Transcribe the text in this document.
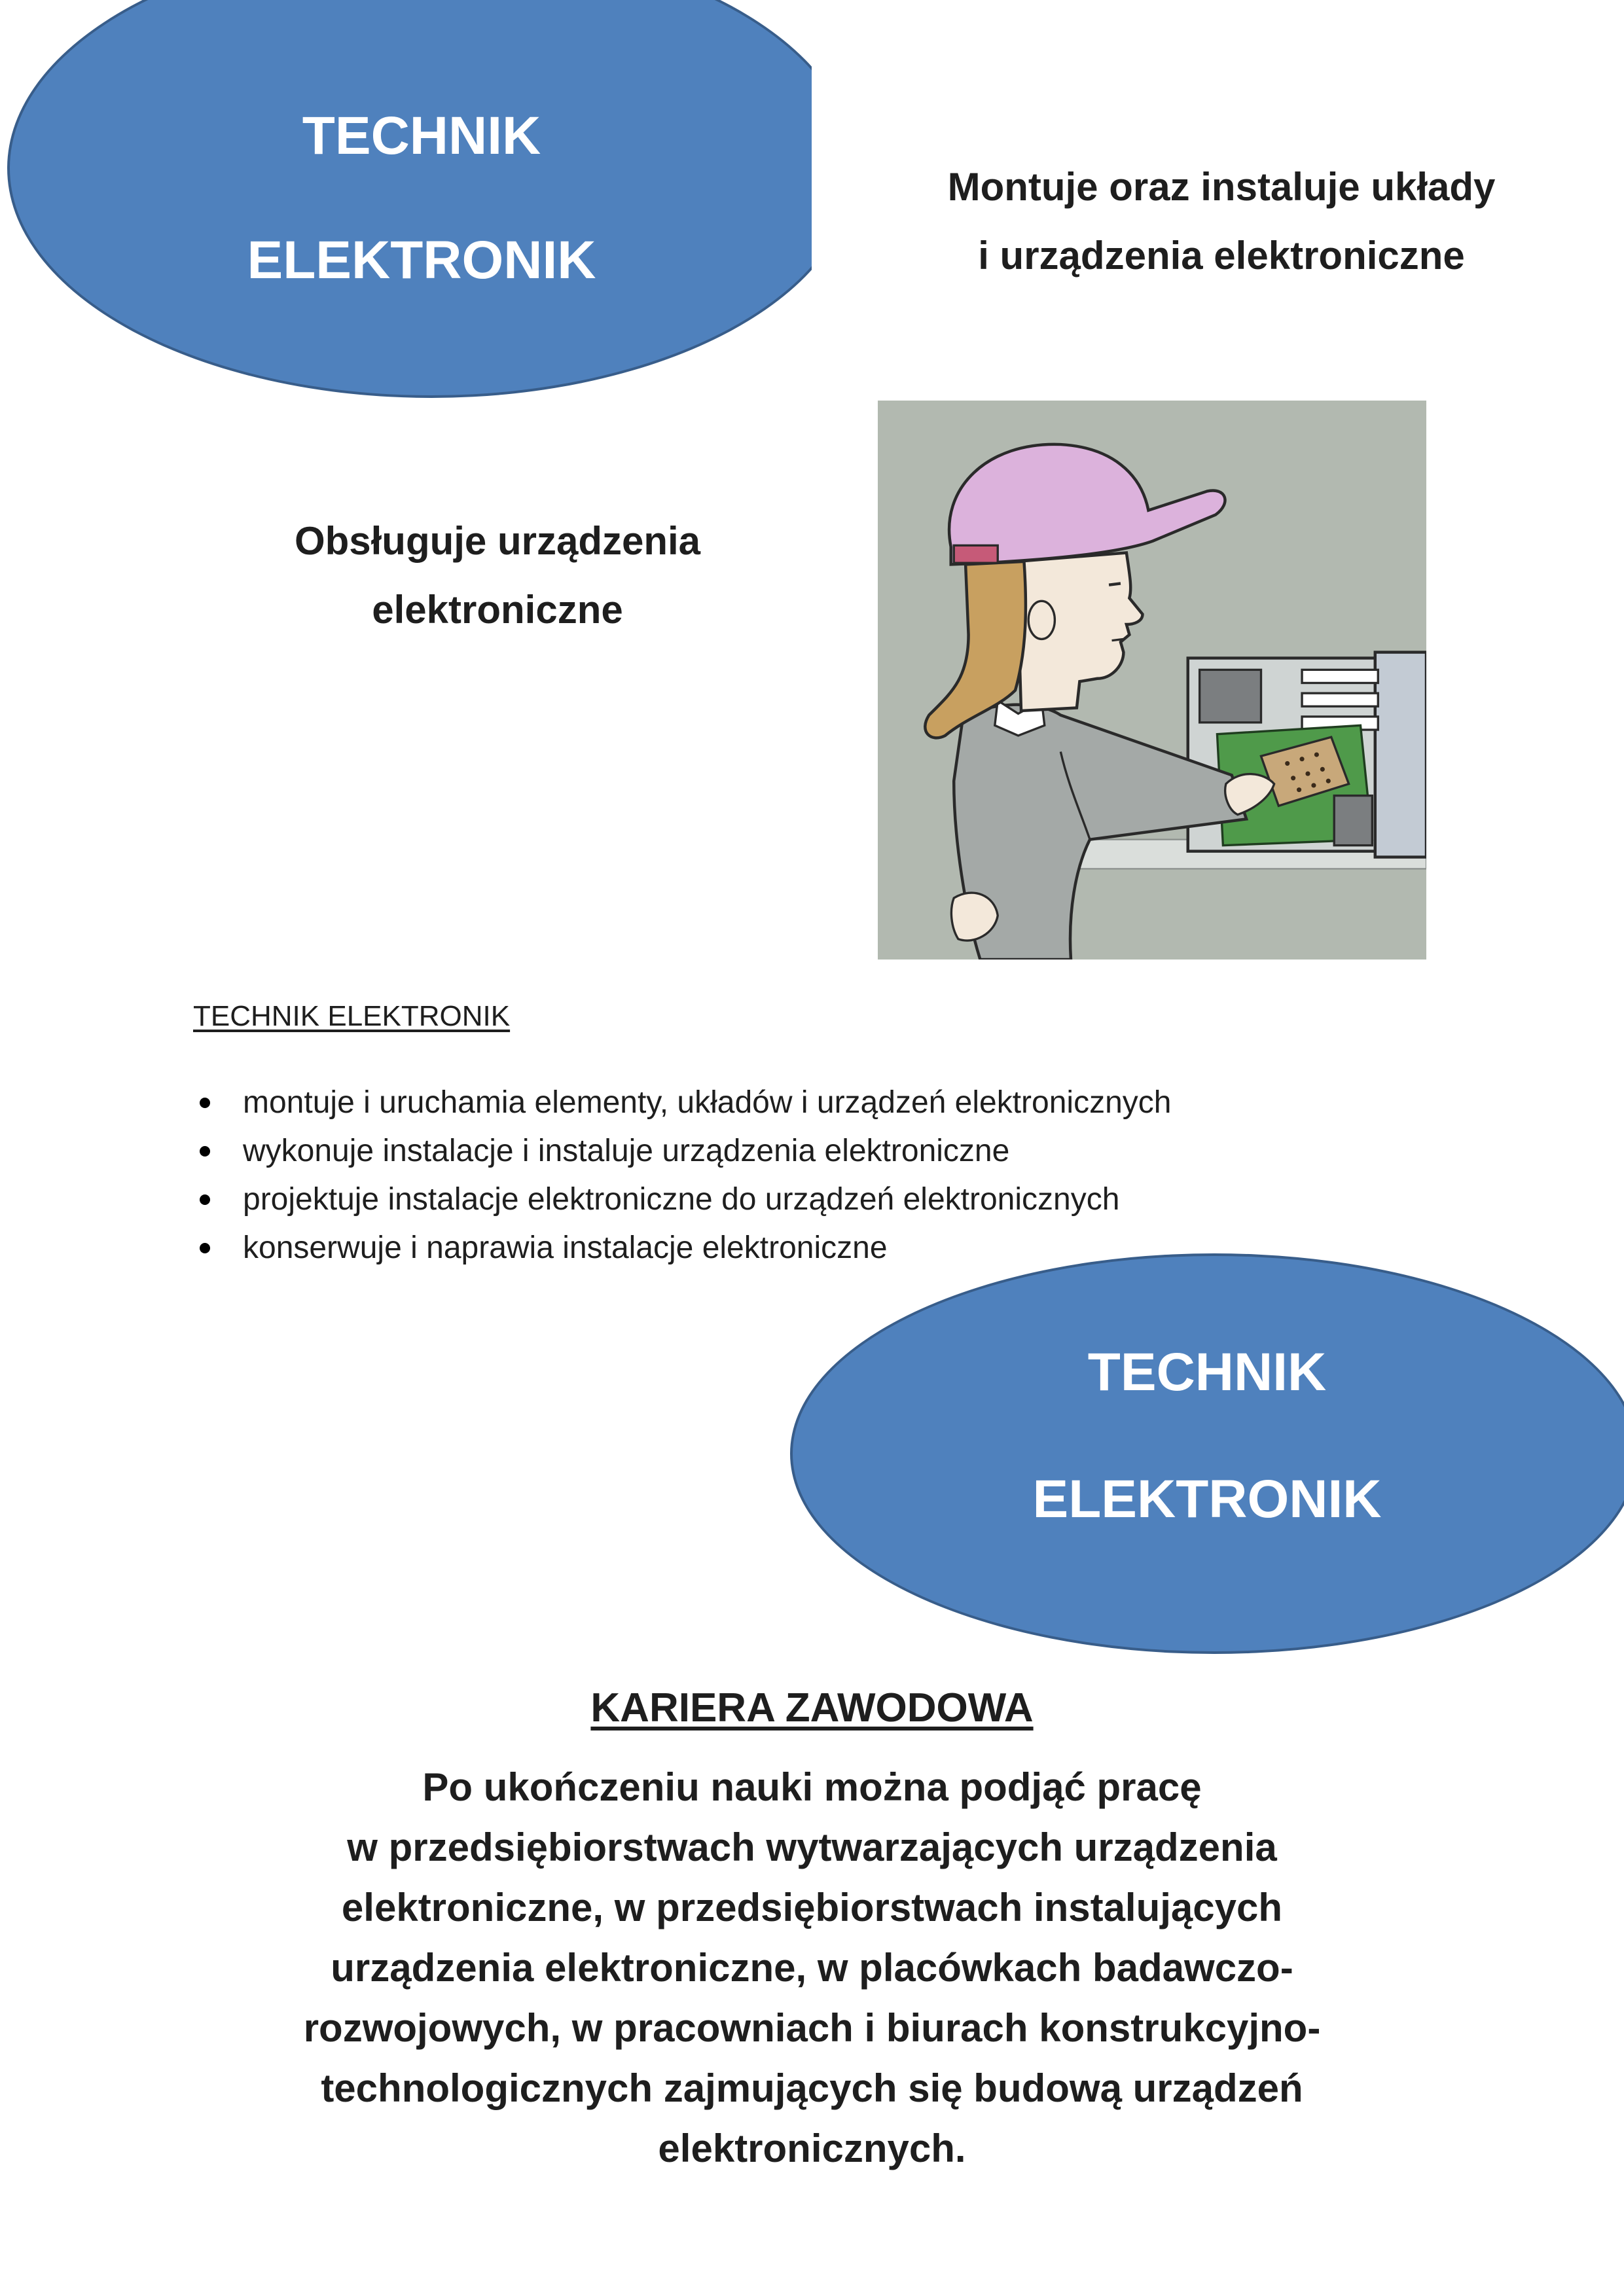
TECHNIK
ELEKTRONIK
Montuje oraz instaluje układy
i urządzenia elektroniczne
Obsługuje urządzenia
elektroniczne
TECHNIK ELEKTRONIK
montuje i uruchamia elementy, układów i urządzeń elektronicznych
wykonuje instalacje i instaluje urządzenia elektroniczne
projektuje instalacje elektroniczne do urządzeń elektronicznych
konserwuje i naprawia instalacje elektroniczne
TECHNIK
ELEKTRONIK
KARIERA ZAWODOWA
Po ukończeniu nauki można podjąć pracę
w przedsiębiorstwach wytwarzających urządzenia
elektroniczne, w przedsiębiorstwach instalujących
urządzenia elektroniczne, w placówkach badawczo-
rozwojowych, w pracowniach i biurach konstrukcyjno-
technologicznych zajmujących się budową urządzeń
elektronicznych.
